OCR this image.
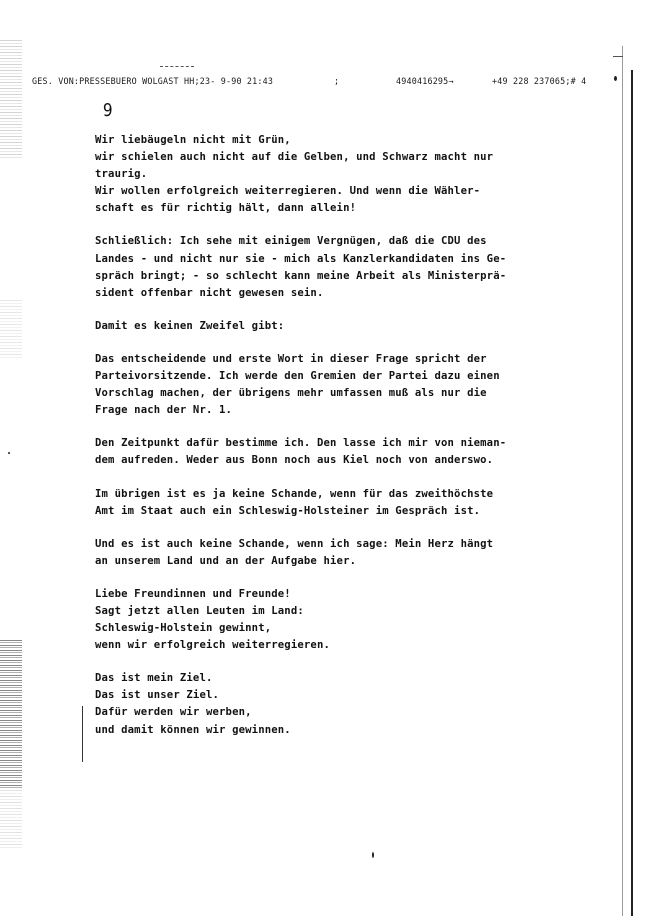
GES. VON:PRESSEBUERO WOLGAST HH;23- 9-90 21:43	;	4940416295→	+49 228 237065;# 4
9
Wir liebäugeln nicht mit Grün,
wir schielen auch nicht auf die Gelben, und Schwarz macht nur
traurig.
Wir wollen erfolgreich weiterregieren. Und wenn die Wähler-
schaft es für richtig hält, dann allein!
Schließlich: Ich sehe mit einigem Vergnügen, daß die CDU des
Landes - und nicht nur sie - mich als Kanzlerkandidaten ins Ge-
spräch bringt; - so schlecht kann meine Arbeit als Ministerprä-
sident offenbar nicht gewesen sein.
Damit es keinen Zweifel gibt:
Das entscheidende und erste Wort in dieser Frage spricht der
Parteivorsitzende. Ich werde den Gremien der Partei dazu einen
Vorschlag machen, der übrigens mehr umfassen muß als nur die
Frage nach der Nr. 1.
Den Zeitpunkt dafür bestimme ich. Den lasse ich mir von nieman-
dem aufreden. Weder aus Bonn noch aus Kiel noch von anderswo.
Im übrigen ist es ja keine Schande, wenn für das zweithöchste
Amt im Staat auch ein Schleswig-Holsteiner im Gespräch ist.
Und es ist auch keine Schande, wenn ich sage: Mein Herz hängt
an unserem Land und an der Aufgabe hier.
Liebe Freundinnen und Freunde!
Sagt jetzt allen Leuten im Land:
Schleswig-Holstein gewinnt,
wenn wir erfolgreich weiterregieren.
Das ist mein Ziel.
Das ist unser Ziel.
Dafür werden wir werben,
und damit können wir gewinnen.
